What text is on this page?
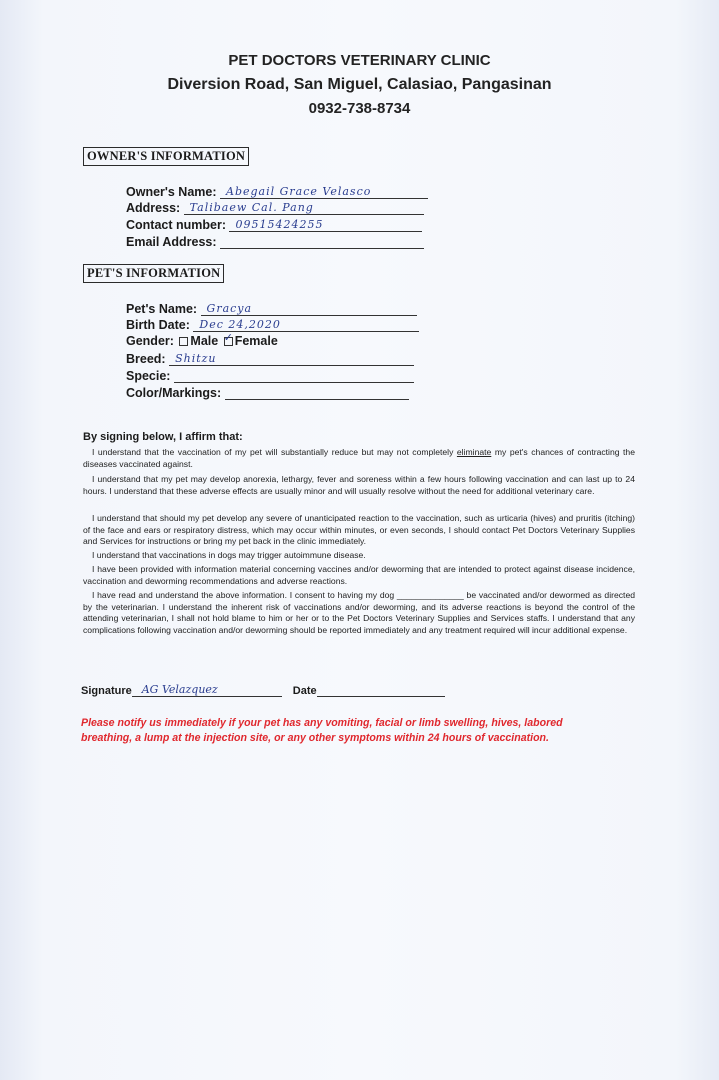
PET DOCTORS VETERINARY CLINIC
Diversion Road, San Miguel, Calasiao, Pangasinan
0932-738-8734
OWNER'S INFORMATION
Owner's Name: Abegail Grace Velasco
Address: Talibaew Cal. Pang
Contact number: 09515424255
Email Address:
PET'S INFORMATION
Pet's Name: Gracya
Birth Date: Dec 24,2020
Gender: Male ✓ Female
Breed: Shitzu
Specie:
Color/Markings:
By signing below, I affirm that:
I understand that the vaccination of my pet will substantially reduce but may not completely eliminate my pet's chances of contracting the diseases vaccinated against.
I understand that my pet may develop anorexia, lethargy, fever and soreness within a few hours following vaccination and can last up to 24 hours. I understand that these adverse effects are usually minor and will usually resolve without the need for additional veterinary care.
I understand that should my pet develop any severe of unanticipated reaction to the vaccination, such as urticaria (hives) and pruritis (itching) of the face and ears or respiratory distress, which may occur within minutes, or even seconds, I should contact Pet Doctors Veterinary Supplies and Services for instructions or bring my pet back in the clinic immediately.
I understand that vaccinations in dogs may trigger autoimmune disease.
I have been provided with information material concerning vaccines and/or deworming that are intended to protect against disease incidence, vaccination and deworming recommendations and adverse reactions.
I have read and understand the above information. I consent to having my dog ______________ be vaccinated and/or dewormed as directed by the veterinarian. I understand the inherent risk of vaccinations and/or deworming, and its adverse reactions is beyond the control of the attending veterinarian, I shall not hold blame to him or her or to the Pet Doctors Veterinary Supplies and Services staffs. I understand that any complications following vaccination and/or deworming should be reported immediately and any treatment required will incur additional expense.
Signature AG Velazquez	Date
Please notify us immediately if your pet has any vomiting, facial or limb swelling, hives, labored breathing, a lump at the injection site, or any other symptoms within 24 hours of vaccination.
